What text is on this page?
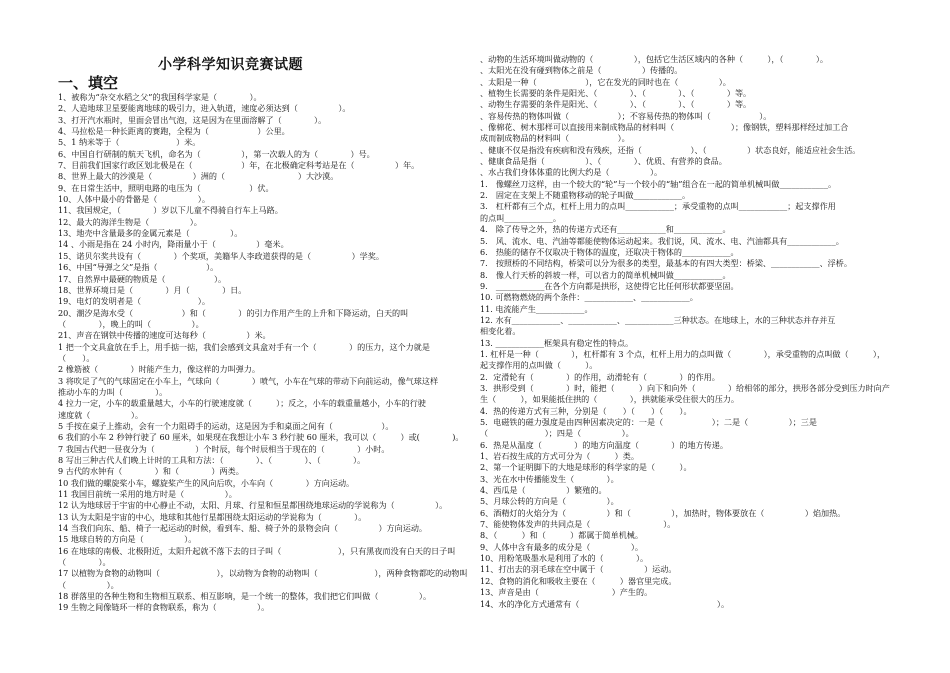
小学科学知识竞赛试题
一、填空
1、被称为“杂交水稻之父”的我国科学家是（　　　　）。
2、人造地球卫星要能离地球的吸引力，进入轨道，速度必须达到（　　　　　）。
3、打开汽水瓶时，里面会冒出气泡，这是因为在里面溶解了（　　　　）。
4、马拉松是一种长距离的赛跑，全程为（　　　　　　）公里。
5、1 纳米等于（　　　　　　　）米。
6、中国自行研制的航天飞机，命名为（　　　　　），第一次载人的为（　　　　）号。
7、目前我们国家行政区划北极是在（　　　　　　）年，在北极确定科考站是在（　　　　　）年。
8、世界上最大的沙漠是（　　　　　）洲的（　　　　　　　　　）大沙漠。
9、在日常生活中，照明电路的电压为（　　　　　　）伏。
10、人体中最小的骨骼是（　　　　　）。
11、我国规定，（　　　　）岁以下儿童不得骑自行车上马路。
12、最大的海洋生物是（　　　　　）。
13、地壳中含量最多的金属元素是（　　　　　）。
14 、小雨是指在 24 小时内，降雨量小于（　　　　　）毫米。
15、诺贝尔奖共设有（　　　　）个奖项，美籍华人李政道获得的是（　　　　　）学奖。
16、中国“导弹之父”是指（　　　　　　）。
17、自然界中最硬的物质是（　　　　　　）。
18、世界环境日是（　　　　）月（　　　　）日。
19、电灯的发明者是（　　　　　　　）。
20、潮汐是海水受（　　　　　　）和（　　　　）的引力作用产生的上升和下降运动，白天的叫
（　　　　），晚上的叫（　　　　　）。
21、声音在钢铁中传播的速度可达每秒（　　　　　）米。
1 把一个文具盒放在手上，用手掂一掂，我们会感到文具盒对手有一个（　　　　）的压力，这个力就是
（　　）。
2 橡筋被（　　　　）时能产生力，像这样的力叫弹力。
3 将吹足了气的气球固定在小车上，气球向（　　　　）喷气，小车在气球的带动下向前运动，像气球这样
推动小车的力叫（　　　　）。
4 拉力一定，小车的载重量越大，小车的行驶速度就（　　　）；反之，小车的载重量越小，小车的行驶
速度就（　　　　　）。
5 手按在桌子上推动，会有一个力阻碍手的运动，这是因为手和桌面之间有（　　　　　　）。
6 我们的小车 2 秒钟行驶了 60 厘米，如果现在我想让小车 3 秒行驶 60 厘米，我可以（　　　）或(　　　　)。
7 我国古代把一昼夜分为（　　　　　）个时辰，每个时辰相当于现在的（　　　　）小时。
8 写出三种古代人们晚上计时的工具和方法：（　　　　）、（　　　　）、（　　　　）。
9 古代的水钟有（　　　　）和（　　　　）两类。
10 我们做的螺旋桨小车，螺旋桨产生的风向后吹，小车向（　　　　）方向运动。
11 我国目前统一采用的地方时是（　　　　　）。
12 认为地球居于宇宙的中心静止不动，太阳、月球、行星和恒星都围绕地球运动的学说称为（　　　　　）。
13 认为太阳是宇宙的中心，地球和其他行星都围绕太阳运动的学说称为（　　　　）。
14 当我们向东、船、椅子一起运动的时候，看到车、船、椅子外的景物会向（　　　　　）方向运动。
15 地球自转的方向是（　　　　　）。
16 在地球的南极、北极附近，太阳升起就不落下去的日子叫（　　　　　　　），只有黑夜而没有白天的日子叫
（　　　　）。
17 以植物为食物的动物叫（　　　　　　　），以动物为食物的动物叫（　　　　　　　），两种食物都吃的动物叫
（　　　　　）。
18 群落里的各种生物和生物相互联系、相互影响，是一个统一的整体，我们把它们叫做（　　　　　）。
19 生物之间像链环一样的食物联系，称为（　　　　　）。
、动物的生活环境叫做动物的（　　　　　），包括它生活区域内的各种（　　　），（　　　　）。
、太阳光在没有碰到物体之前是（　　　　　）传播的。
、太阳是一种（　　　　　　），它在发光的同时也在（　　　　　）。
、植物生长需要的条件是阳光、（　　　　）、（　　　　）、（　　　　）等。
、动物生存需要的条件是阳光、（　　　　）、（　　　　）、（　　　　）等。
、容易传热的物体叫做（　　　　　　）；不容易传热的物体叫（　　　　　　）。
、像棉花、树木那样可以直接用来制成物品的材料叫（　　　　　　　）；像钢铁，塑料那样经过加工合
成而制成物品的材料叫（　　　　　　）。
、健康不仅是指没有疾病和没有残疾，还指（　　　　　　）、（　　　　　）状态良好，能适应社会生活。
、健康食品是指（　　　　　）、（　　　　）、优质、有营养的食品。
、水占我们身体体重的比例大约是（　　　　　）。
1.　像螺丝刀这样，由一个较大的“轮”与一个较小的“轴”组合在一起的简单机械叫做____________。
2.　固定在支架上不随重物移动的轮子叫做____________。
3.　杠杆都有三个点，杠杆上用力的点叫____________；承受重物的点叫____________；起支撑作用
的点叫____________。
4.　除了传导之外，热的传递方式还有____________和____________。
5.　风、流水、电、汽油等都能使物体运动起来。我们说，风、流水、电、汽油都具有____________。
6.　热能的储存不仅取决于物体的温度，还取决于物体的____________。
7.　按照桥的不同结构，桥梁可以分为很多的类型，最基本的有四大类型：桥梁、____________、浮桥。
8.　像人行天桥的斜坡一样，可以省力的简单机械叫做____________。
9.　____________在各个方向都是拱形，这使得它比任何形状都要坚固。
10. 可燃物燃烧的两个条件：____________、____________。
11. 电流能产生____________。
12. 水有____________、____________、____________三种状态。在地球上，水的三种状态并存并互
相变化着。
13. ____________框架具有稳定性的特点。
1. 杠杆是一种（　　　　），杠杆都有 3 个点，杠杆上用力的点叫做（　　　　），承受重物的点叫做（　　　），
起支撑作用的点叫做（　　　）。
2．定滑轮有（　　　　）的作用，动滑轮有（　　　　）的作用。
3．拱形受到（　　　　）时，能把（　　　）向下和向外（　　　　）给相邻的部分，拱形各部分受到压力时向产
生（　　　），如果能抵住拱的（　　　　），拱就能承受住很大的压力。
4．热的传递方式有三种，分别是（　　）（　　）（　　）。
5．电磁铁的磁力强度是由四种因素决定的：一是（　　　　　　）；二是（　　　　　）；三是
（　　　　　　　）；四是（　　　　　）。
6．热是从温度（　　　　）的地方向温度（　　　　）的地方传递。
1、岩石按生成的方式可分为（　　　）类。
2、第一个证明脚下的大地是球形的科学家的是（　　　）。
3、光在水中传播能发生（　　　　）。
4、西瓜是（　　　　　）繁殖的。
5、月球公转的方向是（　　　　　）。
6、酒精灯的火焰分为（　　　　　）和（　　　　　），加热时，物体要放在（　　　　　）焰加热。
7、能使物体发声的共同点是（　　　　　　　　　）。
8、（　　　）和（　　　）都属于简单机械。
9、人体中含有最多的成分是（　　　　　）。
10、用粉笔吸墨水是利用了水的（　　　　）。
11、打出去的羽毛球在空中属于（　　　　　）运动。
12、食物的消化和吸收主要在（　　　）器官里完成。
13、声音是由（　　　　　　　　　）产生的。
14、水的净化方式通常有（　　　　　　　　　　　　　　　　　）。
